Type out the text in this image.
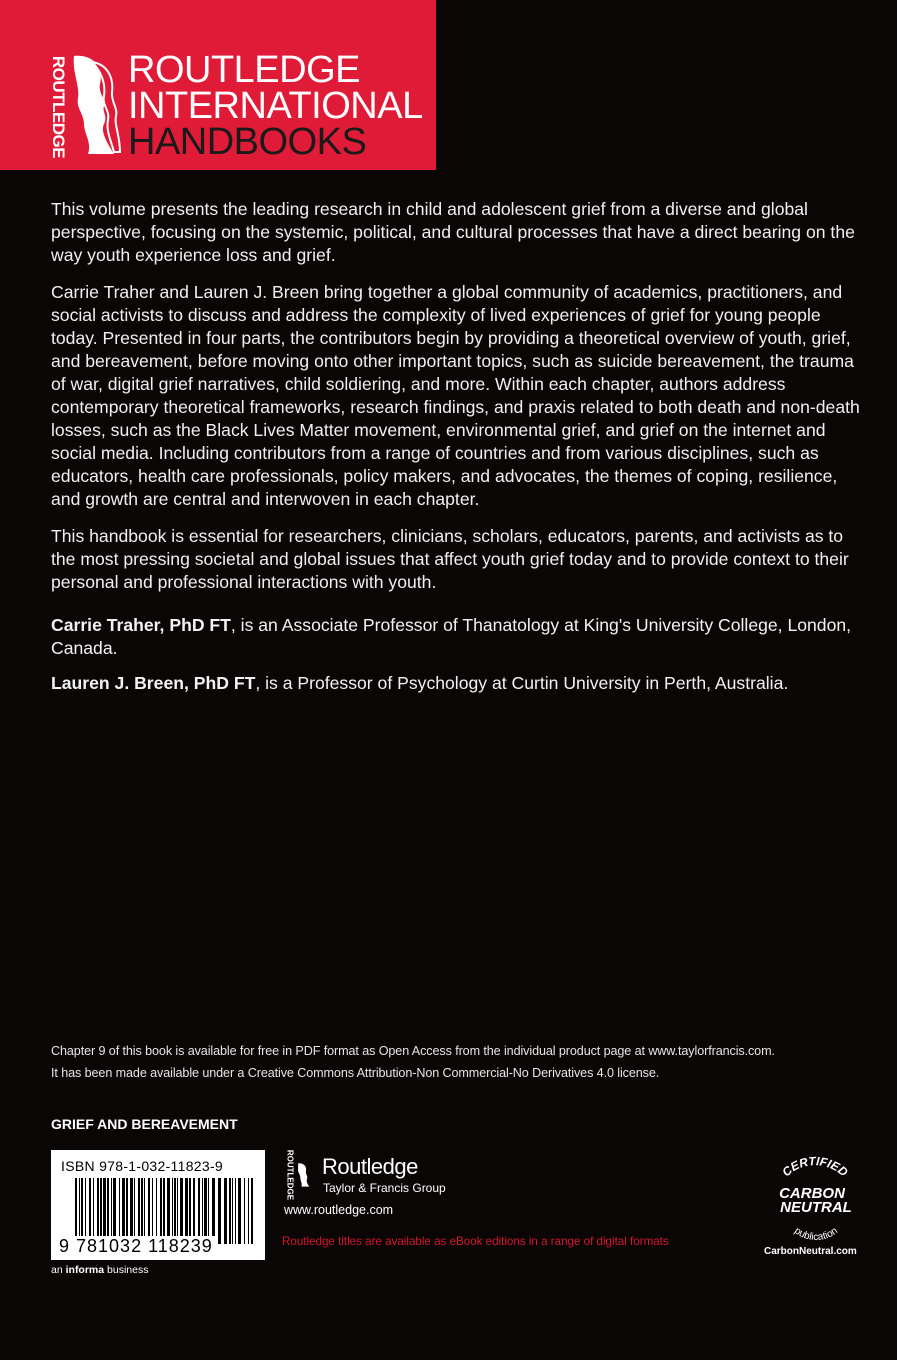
ROUTLEDGE ROUTLEDGE
INTERNATIONAL
HANDBOOKS

This volume presents the leading research in child and adolescent grief from a diverse and global perspective, focusing on the systemic, political, and cultural processes that have a direct bearing on the way youth experience loss and grief.

Carrie Traher and Lauren J. Breen bring together a global community of academics, practitioners, and social activists to discuss and address the complexity of lived experiences of grief for young people today. Presented in four parts, the contributors begin by providing a theoretical overview of youth, grief, and bereavement, before moving onto other important topics, such as suicide bereavement, the trauma of war, digital grief narratives, child soldiering, and more. Within each chapter, authors address contemporary theoretical frameworks, research findings, and praxis related to both death and non-death losses, such as the Black Lives Matter movement, environmental grief, and grief on the internet and social media. Including contributors from a range of countries and from various disciplines, such as educators, health care professionals, policy makers, and advocates, the themes of coping, resilience, and growth are central and interwoven in each chapter.

This handbook is essential for researchers, clinicians, scholars, educators, parents, and activists as to the most pressing societal and global issues that affect youth grief today and to provide context to their personal and professional interactions with youth.

Carrie Traher, PhD FT, is an Associate Professor of Thanatology at King's University College, London, Canada.

Lauren J. Breen, PhD FT, is a Professor of Psychology at Curtin University in Perth, Australia.

Chapter 9 of this book is available for free in PDF format as Open Access from the individual product page at www.taylorfrancis.com.
It has been made available under a Creative Commons Attribution-Non Commercial-No Derivatives 4.0 license.
GRIEF AND BEREAVEMENT
ISBN 978-1-032-11823-9
9 781032 118239
an informa business
ROUTLEDGE Routledge
Taylor & Francis Group
www.routledge.com
Routledge titles are available as eBook editions in a range of digital formats
CERTIFIED
CARBON
NEUTRAL
publication
CarbonNeutral.com
